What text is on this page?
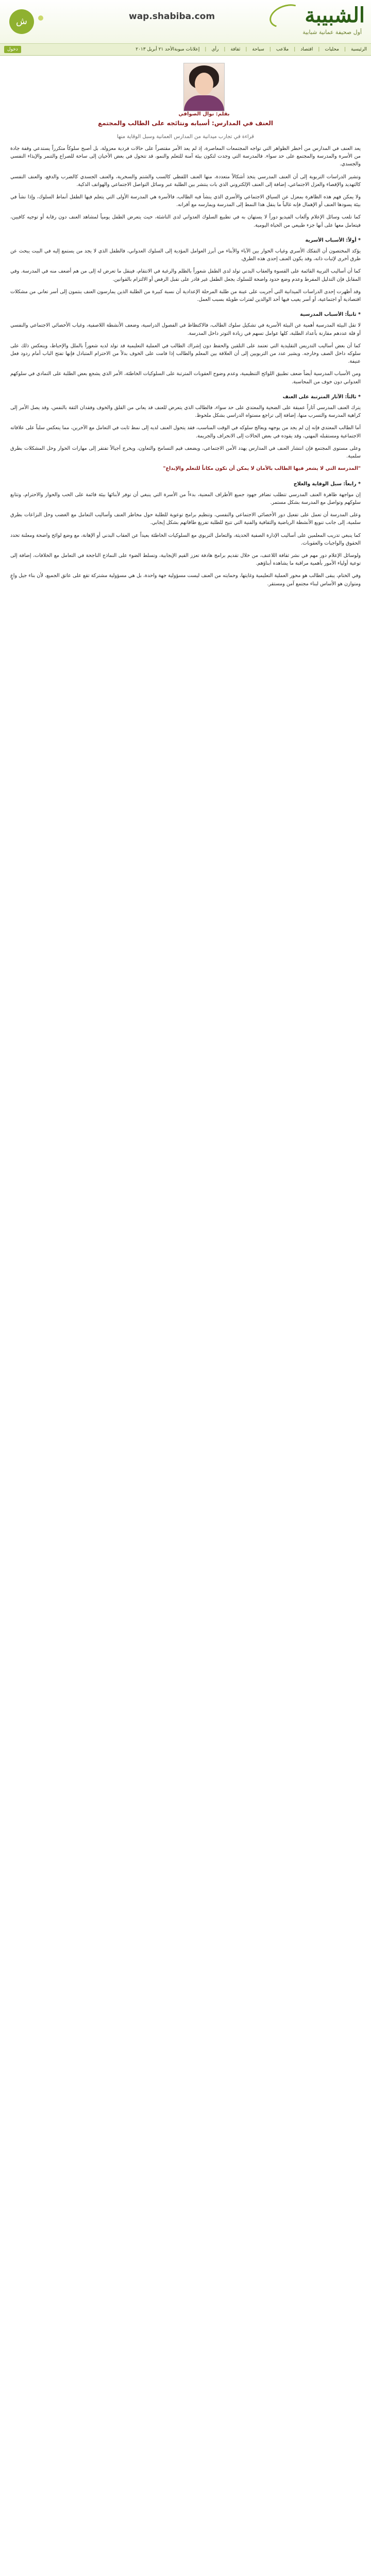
الشبيبة
أول صحيفة عمانية شبابية
wap.shabiba.com
ش
الرئيسية
|
محليات
|
اقتصاد
|
ملاعب
|
سياحة
|
ثقافة
|
رأي
|
إعلانات مبوبة
الأحد ٢١ أبريل ٢٠١٣
دخول
بقلم: نوال الصوافي
العنف في المدارس: أسبابه ونتائجه على الطالب والمجتمع
قراءة في تجارب ميدانية من المدارس العمانية وسبل الوقاية منها

يعد العنف في المدارس من أخطر الظواهر التي تواجه المجتمعات المعاصرة، إذ لم يعد الأمر مقتصراً على حالات فردية معزولة، بل أصبح سلوكاً متكرراً يستدعي وقفة جادة من الأسرة والمدرسة والمجتمع على حد سواء. فالمدرسة التي وجدت لتكون بيئة آمنة للتعلم والنمو، قد تتحول في بعض الأحيان إلى ساحة للصراع والتنمر والإيذاء النفسي والجسدي.

وتشير الدراسات التربوية إلى أن العنف المدرسي يتخذ أشكالاً متعددة، منها العنف اللفظي كالسب والشتم والسخرية، والعنف الجسدي كالضرب والدفع، والعنف النفسي كالتهديد والإقصاء والعزل الاجتماعي، إضافة إلى العنف الإلكتروني الذي بات ينتشر بين الطلبة عبر وسائل التواصل الاجتماعي والهواتف الذكية.

ولا يمكن فهم هذه الظاهرة بمعزل عن السياق الاجتماعي والأسري الذي ينشأ فيه الطالب، فالأسرة هي المدرسة الأولى التي يتعلم فيها الطفل أنماط السلوك، وإذا نشأ في بيئة يسودها العنف أو الإهمال فإنه غالباً ما ينقل هذا النمط إلى المدرسة ويمارسه مع أقرانه.

كما تلعب وسائل الإعلام وألعاب الفيديو دوراً لا يستهان به في تطبيع السلوك العدواني لدى الناشئة، حيث يتعرض الطفل يومياً لمشاهد العنف دون رقابة أو توجيه كافيين، فيتعامل معها على أنها جزء طبيعي من الحياة اليومية.

* أولاً: الأسباب الأسرية

يؤكد المختصون أن التفكك الأسري وغياب الحوار بين الآباء والأبناء من أبرز العوامل المؤدية إلى السلوك العدواني، فالطفل الذي لا يجد من يستمع إليه في البيت يبحث عن طرق أخرى لإثبات ذاته، وقد يكون العنف إحدى هذه الطرق.

كما أن أساليب التربية القائمة على القسوة والعقاب البدني تولد لدى الطفل شعوراً بالظلم والرغبة في الانتقام، فينقل ما تعرض له إلى من هم أضعف منه في المدرسة. وفي المقابل فإن التدليل المفرط وعدم وضع حدود واضحة للسلوك يجعل الطفل غير قادر على تقبل الرفض أو الالتزام بالقوانين.

وقد أظهرت إحدى الدراسات الميدانية التي أجريت على عينة من طلبة المرحلة الإعدادية أن نسبة كبيرة من الطلبة الذين يمارسون العنف ينتمون إلى أسر تعاني من مشكلات اقتصادية أو اجتماعية، أو أسر يغيب فيها أحد الوالدين لفترات طويلة بسبب العمل.

* ثانياً: الأسباب المدرسية

لا تقل البيئة المدرسية أهمية عن البيئة الأسرية في تشكيل سلوك الطالب، فالاكتظاظ في الفصول الدراسية، وضعف الأنشطة اللاصفية، وغياب الأخصائي الاجتماعي والنفسي أو قلة عددهم مقارنة بأعداد الطلبة، كلها عوامل تسهم في زيادة التوتر داخل المدرسة.

كما أن بعض أساليب التدريس التقليدية التي تعتمد على التلقين والحفظ دون إشراك الطالب في العملية التعليمية قد تولد لديه شعوراً بالملل والإحباط، وينعكس ذلك على سلوكه داخل الصف وخارجه. ويشير عدد من التربويين إلى أن العلاقة بين المعلم والطالب إذا قامت على الخوف بدلاً من الاحترام المتبادل فإنها تفتح الباب أمام ردود فعل عنيفة.

ومن الأسباب المدرسية أيضاً ضعف تطبيق اللوائح التنظيمية، وعدم وضوح العقوبات المترتبة على السلوكيات الخاطئة، الأمر الذي يشجع بعض الطلبة على التمادي في سلوكهم العدواني دون خوف من المحاسبة.

* ثالثاً: الآثار المترتبة على العنف

يترك العنف المدرسي آثاراً عميقة على الضحية والمعتدي على حد سواء، فالطالب الذي يتعرض للعنف قد يعاني من القلق والخوف وفقدان الثقة بالنفس، وقد يصل الأمر إلى كراهية المدرسة والتسرب منها، إضافة إلى تراجع مستواه الدراسي بشكل ملحوظ.

أما الطالب المعتدي فإنه إن لم يجد من يوجهه ويعالج سلوكه في الوقت المناسب، فقد يتحول العنف لديه إلى نمط ثابت في التعامل مع الآخرين، مما ينعكس سلباً على علاقاته الاجتماعية ومستقبله المهني، وقد يقوده في بعض الحالات إلى الانحراف والجريمة.

وعلى مستوى المجتمع فإن انتشار العنف في المدارس يهدد الأمن الاجتماعي، ويضعف قيم التسامح والتعاون، ويخرج أجيالاً تفتقر إلى مهارات الحوار وحل المشكلات بطرق سلمية.

"المدرسة التي لا يشعر فيها الطالب بالأمان لا يمكن أن تكون مكاناً للتعلم والإبداع"

* رابعاً: سبل الوقاية والعلاج

إن مواجهة ظاهرة العنف المدرسي تتطلب تضافر جهود جميع الأطراف المعنية، بدءاً من الأسرة التي ينبغي أن توفر لأبنائها بيئة قائمة على الحب والحوار والاحترام، وتتابع سلوكهم وتواصل مع المدرسة بشكل مستمر.

وعلى المدرسة أن تعمل على تفعيل دور الأخصائي الاجتماعي والنفسي، وتنظيم برامج توعوية للطلبة حول مخاطر العنف وأساليب التعامل مع الغضب وحل النزاعات بطرق سلمية، إلى جانب تنويع الأنشطة الرياضية والثقافية والفنية التي تتيح للطلبة تفريغ طاقاتهم بشكل إيجابي.

كما ينبغي تدريب المعلمين على أساليب الإدارة الصفية الحديثة، والتعامل التربوي مع السلوكيات الخاطئة بعيداً عن العقاب البدني أو الإهانة، مع وضع لوائح واضحة ومعلنة تحدد الحقوق والواجبات والعقوبات.

ولوسائل الإعلام دور مهم في نشر ثقافة اللاعنف، من خلال تقديم برامج هادفة تعزز القيم الإيجابية، وتسلط الضوء على النماذج الناجحة في التعامل مع الخلافات، إضافة إلى توعية أولياء الأمور بأهمية مراقبة ما يشاهده أبناؤهم.

وفي الختام، يبقى الطالب هو محور العملية التعليمية وغايتها، وحمايته من العنف ليست مسؤولية جهة واحدة، بل هي مسؤولية مشتركة تقع على عاتق الجميع، لأن بناء جيل واعٍ ومتوازن هو الأساس لبناء مجتمع آمن ومستقر.
